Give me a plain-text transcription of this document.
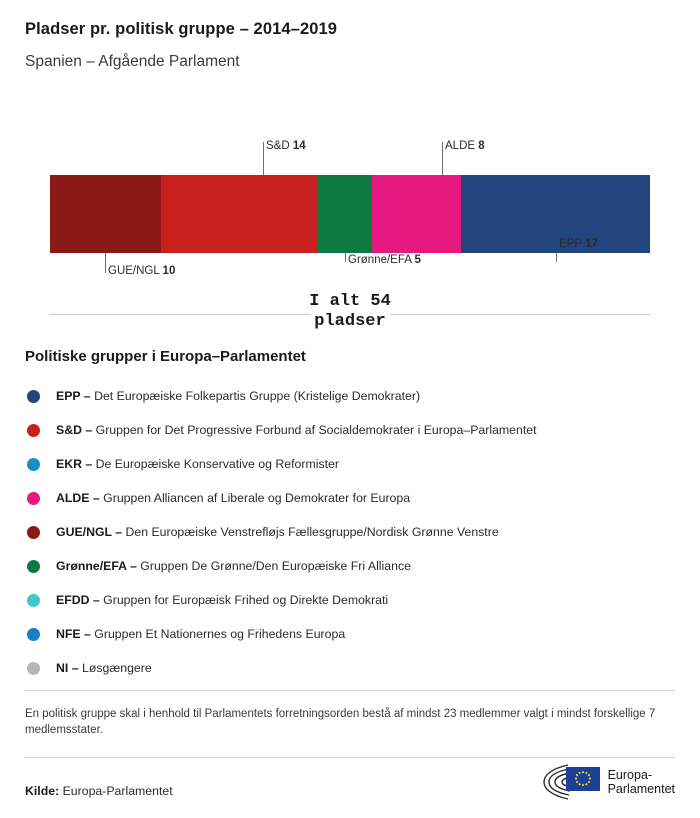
Pladser pr. politisk gruppe – 2014–2019
Spanien – Afgående Parlament
S&D 14	ALDE 8
GUE/NGL 10
Grønne/EFA 5
EPP 17
I alt 54
pladser
Politiske grupper i Europa–Parlamentet
EPP – Det Europæiske Folkepartis Gruppe (Kristelige Demokrater)
S&D – Gruppen for Det Progressive Forbund af Socialdemokrater i Europa–Parlamentet
EKR – De Europæiske Konservative og Reformister
ALDE – Gruppen Alliancen af Liberale og Demokrater for Europa
GUE/NGL – Den Europæiske Venstrefløjs Fællesgruppe/Nordisk Grønne Venstre
Grønne/EFA – Gruppen De Grønne/Den Europæiske Fri Alliance
EFDD – Gruppen for Europæisk Frihed og Direkte Demokrati
NFE – Gruppen Et Nationernes og Frihedens Europa
NI – Løsgængere
En politisk gruppe skal i henhold til Parlamentets forretningsorden bestå af mindst 23 medlemmer valgt i mindst forskellige 7 medlemsstater.
Kilde: Europa-Parlamentet
Europa-
Parlamentet
